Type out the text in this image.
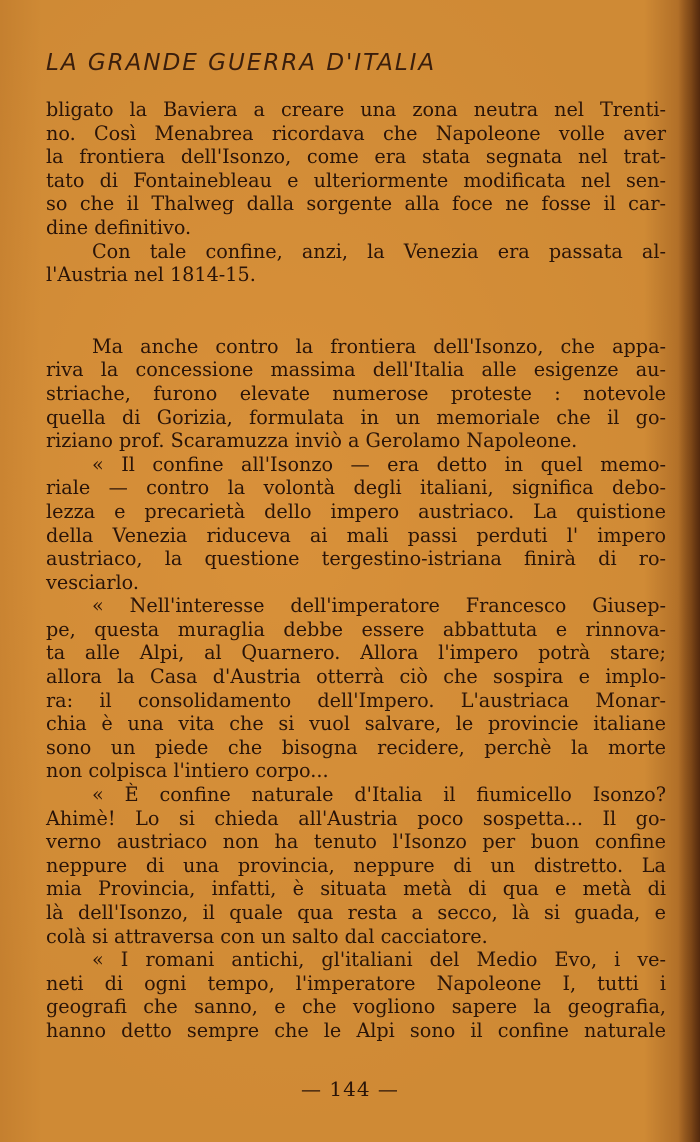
LA GRANDE GUERRA D'ITALIA
bligato la Baviera a creare una zona neutra nel Trenti-
no. Così Menabrea ricordava che Napoleone volle aver
la frontiera dell'Isonzo, come era stata segnata nel trat-
tato di Fontainebleau e ulteriormente modificata nel sen-
so che il Thalweg dalla sorgente alla foce ne fosse il car-
dine definitivo.
Con tale confine, anzi, la Venezia era passata al-
l'Austria nel 1814-15.
Ma anche contro la frontiera dell'Isonzo, che appa-
riva la concessione massima dell'Italia alle esigenze au-
striache, furono elevate numerose proteste : notevole
quella di Gorizia, formulata in un memoriale che il go-
riziano prof. Scaramuzza inviò a Gerolamo Napoleone.
« Il confine all'Isonzo — era detto in quel memo-
riale — contro la volontà degli italiani, significa debo-
lezza e precarietà dello impero austriaco. La quistione
della Venezia riduceva ai mali passi perduti l' impero
austriaco, la questione tergestino-istriana finirà di ro-
vesciarlo.
« Nell'interesse dell'imperatore Francesco Giusep-
pe, questa muraglia debbe essere abbattuta e rinnova-
ta alle Alpi, al Quarnero. Allora l'impero potrà stare;
allora la Casa d'Austria otterrà ciò che sospira e implo-
ra: il consolidamento dell'Impero. L'austriaca Monar-
chia è una vita che si vuol salvare, le provincie italiane
sono un piede che bisogna recidere, perchè la morte
non colpisca l'intiero corpo...
« È confine naturale d'Italia il fiumicello Isonzo?
Ahimè! Lo si chieda all'Austria poco sospetta... Il go-
verno austriaco non ha tenuto l'Isonzo per buon confine
neppure di una provincia, neppure di un distretto. La
mia Provincia, infatti, è situata metà di qua e metà di
là dell'Isonzo, il quale qua resta a secco, là si guada, e
colà si attraversa con un salto dal cacciatore.
« I romani antichi, gl'italiani del Medio Evo, i ve-
neti di ogni tempo, l'imperatore Napoleone I, tutti i
geografi che sanno, e che vogliono sapere la geografia,
hanno detto sempre che le Alpi sono il confine naturale
— 144 —
